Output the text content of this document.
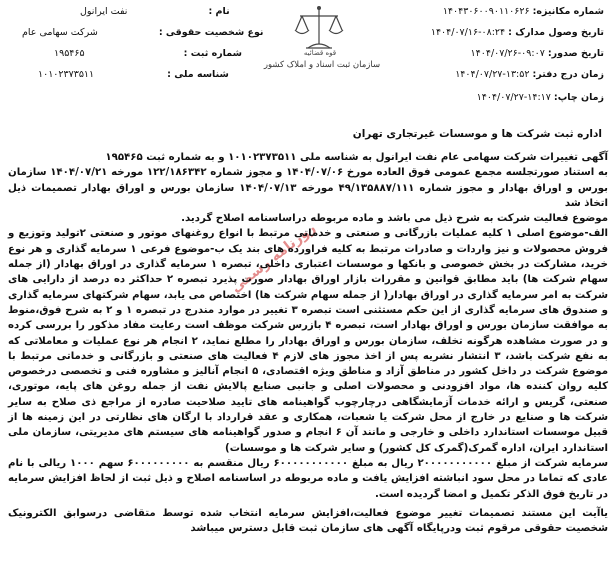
شماره مکانیزه: ۱۴۰۴۳۰۶۰۰۹۰۱۱۰۶۲۶
تاریخ وصول مدارک : ۱۴۰۴/۰۷/۱۶-۰۸:۲۴
تاریخ صدور: ۱۴۰۴/۰۷/۲۶-۰۹:۰۷
زمان درج دفتر: ۱۴۰۴/۰۷/۲۷-۱۳:۵۲
زمان چاپ: ۱۴۰۴/۰۷/۲۷-۱۴:۱۷
قوه قضائیه
سازمان ثبت اسناد و املاک کشور
نام : نفت ایرانول
نوع شخصیت حقوقی : شرکت سهامی عام
شماره ثبت : ۱۹۵۴۶۵
شناسه ملی : ۱۰۱۰۲۳۷۳۵۱۱
اداره ثبت شرکت ها و موسسات غیرتجاری تهران
روزنامه رسمی

آگهی تغییرات شرکت سهامی عام نفت ایرانول به شناسه ملی ۱۰۱۰۲۳۷۳۵۱۱ و به شماره ثبت ۱۹۵۴۶۵

به استناد صورتجلسه مجمع عمومی فوق العاده مورخ ۱۴۰۴/۰۷/۰۶ و مجوز شماره ۱۲۲/۱۸۶۳۴۲ مورخه ۱۴۰۴/۰۷/۲۱ سازمان بورس و اوراق بهادار و مجوز شماره ۴۹/۱۳۵۸۸۷/۱۱۱ مورخه ۱۴۰۴/۰۷/۱۳ سازمان بورس و اوراق بهادار تصمیمات ذیل اتخاذ شد

موضوع فعالیت شرکت به شرح ذیل می باشد و ماده مربوطه دراساسنامه اصلاح گردید.

الف-موضوع اصلی ۱ کلیه عملیات بازرگانی و صنعتی و خدماتی مرتبط با انواع روغنهای موتور و صنعتی ۲تولید وتوزیع و فروش محصولات و نیز واردات و صادرات مرتبط به کلیه فراورده های بند یک ب-موضوع فرعی ۱ سرمایه گذاری و هر نوع خرید، مشارکت در بخش خصوصی و بانکها و موسسات اعتباری داخلی، تبصره ۱ سرمایه گذاری در اوراق بهادار (از جمله سهام شرکت ها) باید مطابق قوانین و مقررات بازار اوراق بهادار صورت پذیرد تبصره ۲ حداکثر ده درصد از دارایی های شرکت به امر سرمایه گذاری در اوراق بهادار( از جمله سهام شرکت ها) اختصاص می یابد، سهام شرکتهای سرمایه گذاری و صندوق های سرمایه گذاری از این حکم مستثنی است تبصره ۳ تغییر در موارد مندرج در تبصره ۱ و ۲ به شرح فوق،منوط به موافقت سازمان بورس و اوراق بهادار است، تبصره ۴ بازرس شرکت موظف است رعایت مفاد مذکور را بررسی کرده و در صورت مشاهده هرگونه تخلف، سازمان بورس و اوراق بهادار را مطلع نماید، ۲ انجام هر نوع عملیات و معاملاتی که به نفع شرکت باشد، ۳ انتشار نشریه پس از اخذ مجوز های لازم ۴ فعالیت های صنعتی و بازرگانی و خدماتی مرتبط با موضوع شرکت در داخل کشور در مناطق آزاد و مناطق ویژه اقتصادی، ۵ انجام آنالیز و مشاوره فنی و تخصصی درخصوص کلیه روان کننده ها، مواد افزودنی و محصولات اصلی و جانبی صنایع پالایش نفت از جمله روغن های پایه، موتوری، صنعتی، گریس و ارائه خدمات آزمایشگاهی درچارچوب گواهینامه های تایید صلاحیت صادره از مراجع ذی صلاح به سایر شرکت ها و صنایع در خارج از محل شرکت یا شعبات، همکاری و عقد قرارداد با ارگان های نظارتی در این زمینه ها از قبیل موسسات استاندارد داخلی و خارجی و مانند آن ۶ انجام و صدور گواهینامه های سیستم های مدیریتی، سازمان ملی استاندارد ایران، اداره گمرک(گمرک کل کشور) و سایر شرکت ها و موسسات)

سرمایه شرکت از مبلغ ۲۰۰۰۰۰۰۰۰۰۰۰ ریال به مبلغ ۶۰۰۰۰۰۰۰۰۰۰۰ ریال منقسم به ۶۰۰۰۰۰۰۰۰۰ سهم ۱۰۰۰ ریالی با نام عادی که تماما در محل سود انباشته افزایش یافت و ماده مربوطه در اساسنامه اصلاح و ذیل ثبت از لحاظ افزایش سرمایه در تاریخ فوق الذکر تکمیل و امضا گردیده است.

یاآیت این مستند تصمیمات تغییر موضوع فعالیت،افزایش سرمایه انتخاب شده توسط متقاضی درسوابق الکترونیک شخصیت حقوقی مرقوم ثبت ودرپایگاه آگهی های سازمان ثبت قابل دسترس میباشد
